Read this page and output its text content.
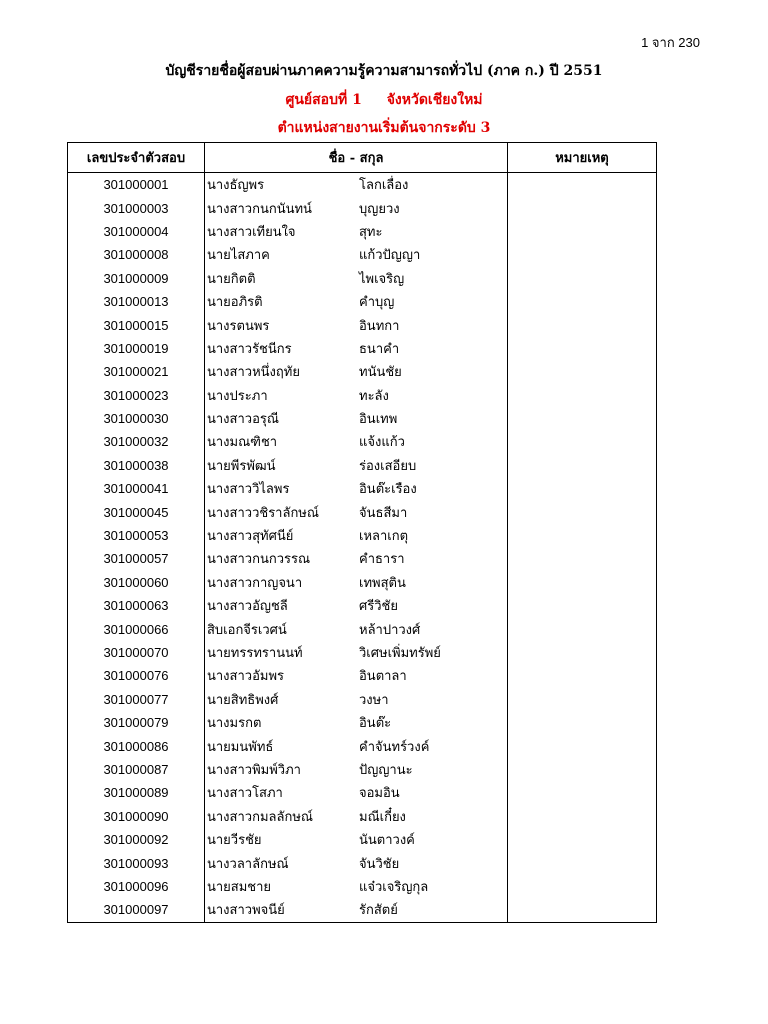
1 จาก 230
บัญชีรายชื่อผู้สอบผ่านภาคความรู้ความสามารถทั่วไป (ภาค ก.) ปี 2551
ศูนย์สอบที่ 1 จังหวัดเชียงใหม่
ตำแหน่งสายงานเริ่มต้นจากระดับ 3
เลขประจำตัวสอบ	ชื่อ - สกุล	หมายเหตุ
301000001	นางธัญพร โลกเลื่อง	
301000003	นางสาวกนกนันทน์ บุญยวง	
301000004	นางสาวเทียนใจ สุทะ	
301000008	นายไสภาค แก้วปัญญา	
301000009	นายกิตติ ไพเจริญ	
301000013	นายอภิรติ คำบุญ	
301000015	นางรตนพร อินทกา	
301000019	นางสาวรัชนีกร ธนาคำ	
301000021	นางสาวหนึ่งฤทัย ทนันชัย	
301000023	นางประภา ทะลัง	
301000030	นางสาวอรุณี อินเทพ	
301000032	นางมณฑิชา แจ้งแก้ว	
301000038	นายพีรพัฒน์ ร่องเสอียบ	
301000041	นางสาววิไลพร อินต๊ะเรือง	
301000045	นางสาววชิราลักษณ์ จันธสีมา	
301000053	นางสาวสุทัศนีย์ เหลาเกตุ	
301000057	นางสาวกนกวรรณ คำธารา	
301000060	นางสาวกาญจนา เทพสุติน	
301000063	นางสาวอัญชลี ศรีวิชัย	
301000066	สิบเอกจีรเวศน์ หล้าปาวงศ์	
301000070	นายทรรทรานนท์ วิเศษเพิ่มทรัพย์	
301000076	นางสาวอัมพร อินตาลา	
301000077	นายสิทธิพงศ์ วงษา	
301000079	นางมรกต อินต๊ะ	
301000086	นายมนพัทธ์ คำจันทร์วงค์	
301000087	นางสาวพิมพ์วิภา ปัญญานะ	
301000089	นางสาวโสภา จอมอิน	
301000090	นางสาวกมลลักษณ์ มณีเกี๋ยง	
301000092	นายวีรชัย นันตาวงค์	
301000093	นางวลาลักษณ์ จันวิชัย	
301000096	นายสมชาย แจ๋วเจริญกุล	
301000097	นางสาวพจนีย์ รักสัตย์	
